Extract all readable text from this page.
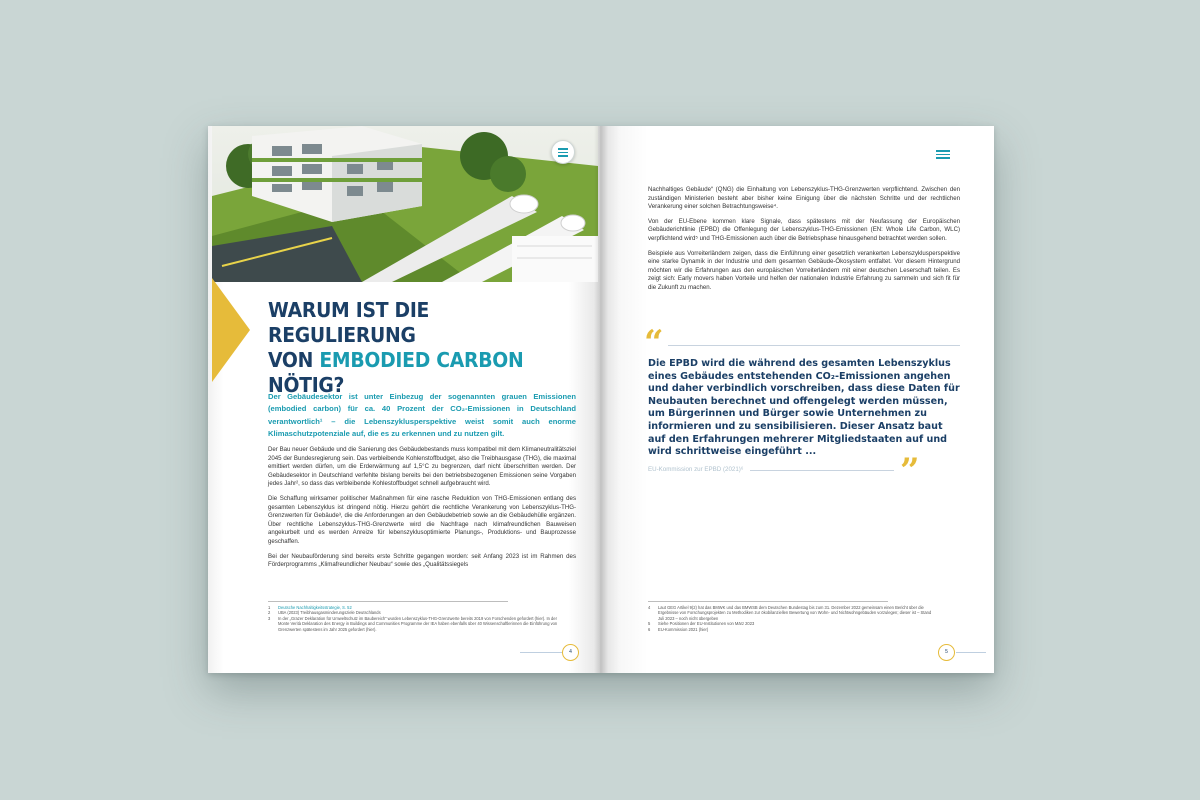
WARUM IST DIE REGULIERUNG
VON EMBODIED CARBON
NÖTIG?
Der Gebäudesektor ist unter Einbezug der sogenannten grauen Emissionen (embodied carbon) für ca. 40 Prozent der CO₂-Emissionen in Deutschland verantwortlich¹ – die Lebenszyklusperspektive weist somit auch enorme Klimaschutzpotenziale auf, die es zu erkennen und zu nutzen gilt.

Der Bau neuer Gebäude und die Sanierung des Gebäudebestands muss kompatibel mit dem Klimaneutralitätsziel 2045 der Bundesregierung sein. Das verbleibende Kohlenstoffbudget, also die Treibhausgase (THG), die maximal emittiert werden dürfen, um die Erderwärmung auf 1,5°C zu begrenzen, darf nicht überschritten werden. Der Gebäudesektor in Deutschland verfehlte bislang bereits bei den betriebsbezogenen Emissionen seine Vorgaben jedes Jahr², so dass das verbleibende Kohlestoffbudget schnell aufgebraucht wird.

Die Schaffung wirksamer politischer Maßnahmen für eine rasche Reduktion von THG-Emissionen entlang des gesamten Lebenszyklus ist dringend nötig. Hierzu gehört die rechtliche Verankerung von Lebenszyklus-THG-Grenzwerten für Gebäude³, die die Anforderungen an den Gebäudebetrieb sowie an die Gebäudehülle ergänzen. Über rechtliche Lebenszyklus-THG-Grenzwerte wird die Nachfrage nach klimafreundlichen Bauweisen angekurbelt und es werden Anreize für lebenszyklusoptimierte Planungs-, Produktions- und Bauprozesse geschaffen.

Bei der Neubauförderung sind bereits erste Schritte gegangen worden: seit Anfang 2023 ist im Rahmen des Förderprogramms „Klimafreundlicher Neubau“ sowie des „Qualitätssiegels

1	Deutsche Nachhaltigkeitsstrategie, S. 52
2	UBA (2023) Treibhausgasminderungsziele Deutschlands
3	In der „Grazer Deklaration für Umweltschutz im Baubereich“ wurden Lebenszyklus-THG-Grenzwerte bereits 2019 von Forschenden gefordert (hier). In der Monte Verità Deklaration des Energy in Buildings and Communities Programme der IEA haben ebenfalls über 40 Wissenschaftlerinnen die Einführung von Grenzwerten spätestens im Jahr 2025 gefordert (hier).
4

Nachhaltiges Gebäude“ (QNG) die Einhaltung von Lebenszyklus-THG-Grenzwerten verpflichtend. Zwischen den zuständigen Ministerien besteht aber bisher keine Einigung über die nächsten Schritte und der rechtlichen Verankerung einer solchen Betrachtungsweise⁴.

Von der EU-Ebene kommen klare Signale, dass spätestens mit der Neufassung der Europäischen Gebäuderichtlinie (EPBD) die Offenlegung der Lebenszyklus-THG-Emissionen (EN: Whole Life Carbon, WLC) verpflichtend wird⁵ und THG-Emissionen auch über die Betriebsphase hinausgehend betrachtet werden sollen.

Beispiele aus Vorreiterländern zeigen, dass die Einführung einer gesetzlich verankerten Lebenszyklusperspektive eine starke Dynamik in der Industrie und dem gesamten Gebäude-Ökosystem entfaltet. Vor diesem Hintergrund möchten wir die Erfahrungen aus den europäischen Vorreiterländern mit einer deutschen Leserschaft teilen. Es zeigt sich: Early movers haben Vorteile und helfen der nationalen Industrie Erfahrung zu sammeln und sich fit für die Zukunft zu machen.

“
Die EPBD wird die während des gesamten Lebenszyklus eines Gebäudes entstehenden CO₂-Emissionen angehen und daher verbindlich vorschreiben, dass diese Daten für Neubauten berechnet und offengelegt werden müssen, um Bürgerinnen und Bürger sowie Unternehmen zu informieren und zu sensibilisieren. Dieser Ansatz baut auf den Erfahrungen mehrerer Mitgliedstaaten auf und wird schrittweise eingeführt ...
EU-Kommission zur EPBD (2021)⁶	”
4	Laut GEG Artikel 9(2) hat das BMWK und das BMWSB dem Deutschen Bundestag bis zum 31. Dezember 2022 gemeinsam einen Bericht über die Ergebnisse von Forschungsprojekten zu Methodiken zur ökobilanziellen Bewertung von Wohn- und Nichtwohngebäuden vorzulegen; dieser ist – Stand Juli 2023 – noch nicht übergeben
5	Siehe Positionen der EU-Institutionen von März 2023
6	EU-Kommission 2021 (hier)
5
